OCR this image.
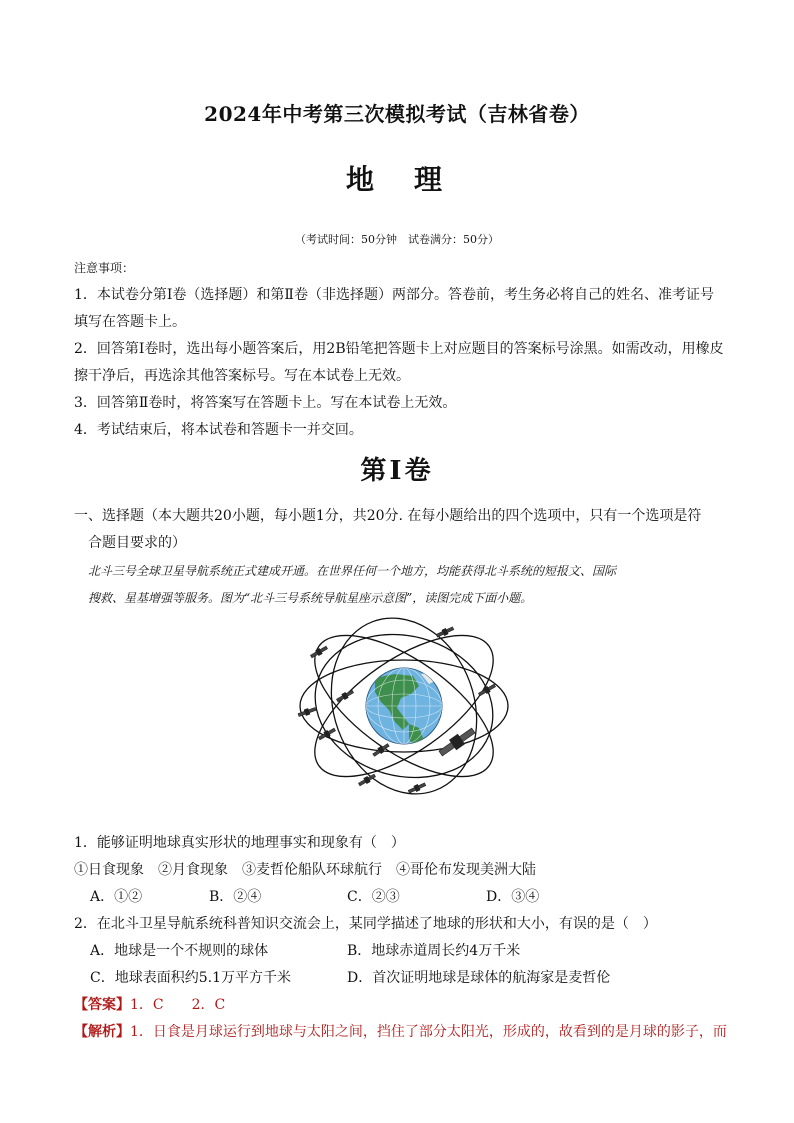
2024年中考第三次模拟考试（吉林省卷）
地　理
（考试时间：50分钟　试卷满分：50分）
注意事项：
1．本试卷分第Ⅰ卷（选择题）和第Ⅱ卷（非选择题）两部分。答卷前，考生务必将自己的姓名、准考证号填写在答题卡上。
2．回答第Ⅰ卷时，选出每小题答案后，用2B铅笔把答题卡上对应题目的答案标号涂黑。如需改动，用橡皮擦干净后，再选涂其他答案标号。写在本试卷上无效。
3．回答第Ⅱ卷时，将答案写在答题卡上。写在本试卷上无效。
4．考试结束后，将本试卷和答题卡一并交回。
第Ⅰ卷
一、选择题（本大题共20小题，每小题1分，共20分. 在每小题给出的四个选项中，只有一个选项是符
合题目要求的）
北斗三号全球卫星导航系统正式建成开通。在世界任何一个地方，均能获得北斗系统的短报文、国际
搜救、星基增强等服务。图为“北斗三号系统导航星座示意图”，读图完成下面小题。
1．能够证明地球真实形状的地理事实和现象有（　）
①日食现象　②月食现象　③麦哲伦船队环球航行　④哥伦布发现美洲大陆
A．①②	B．②④	C．②③	D．③④
2．在北斗卫星导航系统科普知识交流会上，某同学描述了地球的形状和大小，有误的是（　）
A．地球是一个不规则的球体	B．地球赤道周长约4万千米
C．地球表面积约5.1万平方千米	D．首次证明地球是球体的航海家是麦哲伦
【答案】1．C　　2．C
【解析】1．日食是月球运行到地球与太阳之间，挡住了部分太阳光，形成的，故看到的是月球的影子，而
